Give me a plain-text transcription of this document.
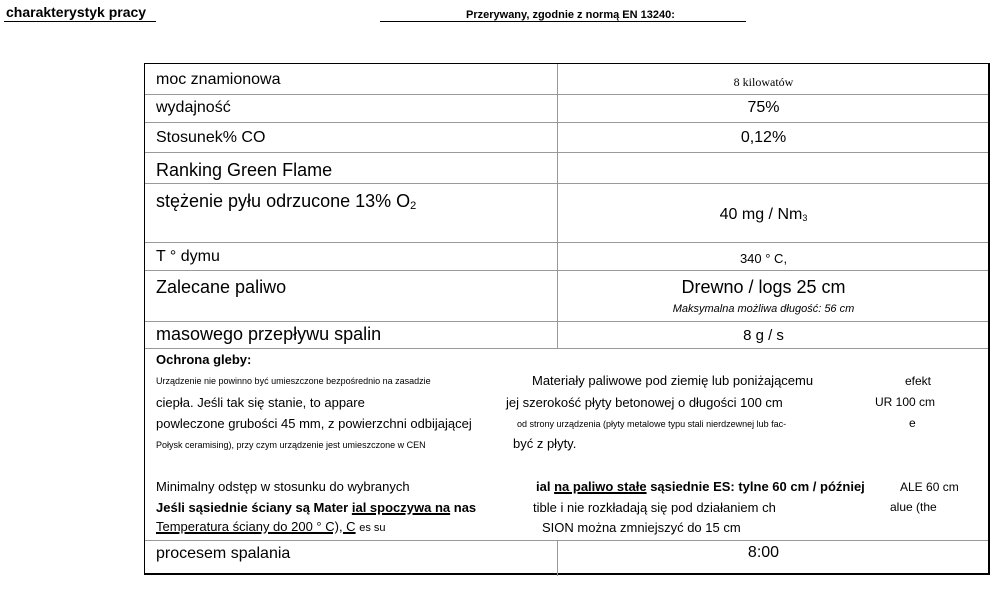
charakterystyk pracy	Przerywany, zgodnie z normą EN 13240:
moc znamionowa	8 kilowatów
wydajność	75%
Stosunek% CO	0,12%
Ranking Green Flame
stężenie pyłu odrzucone 13% O2	40 mg / Nm3
T ° dymu	340 ° C,
Zalecane paliwo	Drewno / logs 25 cm
Maksymalna możliwa długość: 56 cm
masowego przepływu spalin	8 g / s
Ochrona gleby:
Urządzenie nie powinno być umieszczone bezpośrednio na zasadzie	Materiały paliwowe pod ziemię lub poniżającemu	efekt
ciepła. Jeśli tak się stanie, to appare	jej szerokość płyty betonowej o długości 100 cm	UR 100 cm
powleczone grubości 45 mm, z powierzchni odbijającej	od strony urządzenia (płyty metalowe typu stali nierdzewnej lub fac-	e
Połysk ceramising), przy czym urządzenie jest umieszczone w CEN	być z płyty.
Minimalny odstęp w stosunku do wybranych	ial na paliwo stałe sąsiednie ES: tylne 60 cm / później	ALE 60 cm
Jeśli sąsiednie ściany są Mater ial spoczywa na nas	tible i nie rozkładają się pod działaniem ch	alue (the
Temperatura ściany do 200 ° C), C es su	SION można zmniejszyć do 15 cm
procesem spalania	8:00
